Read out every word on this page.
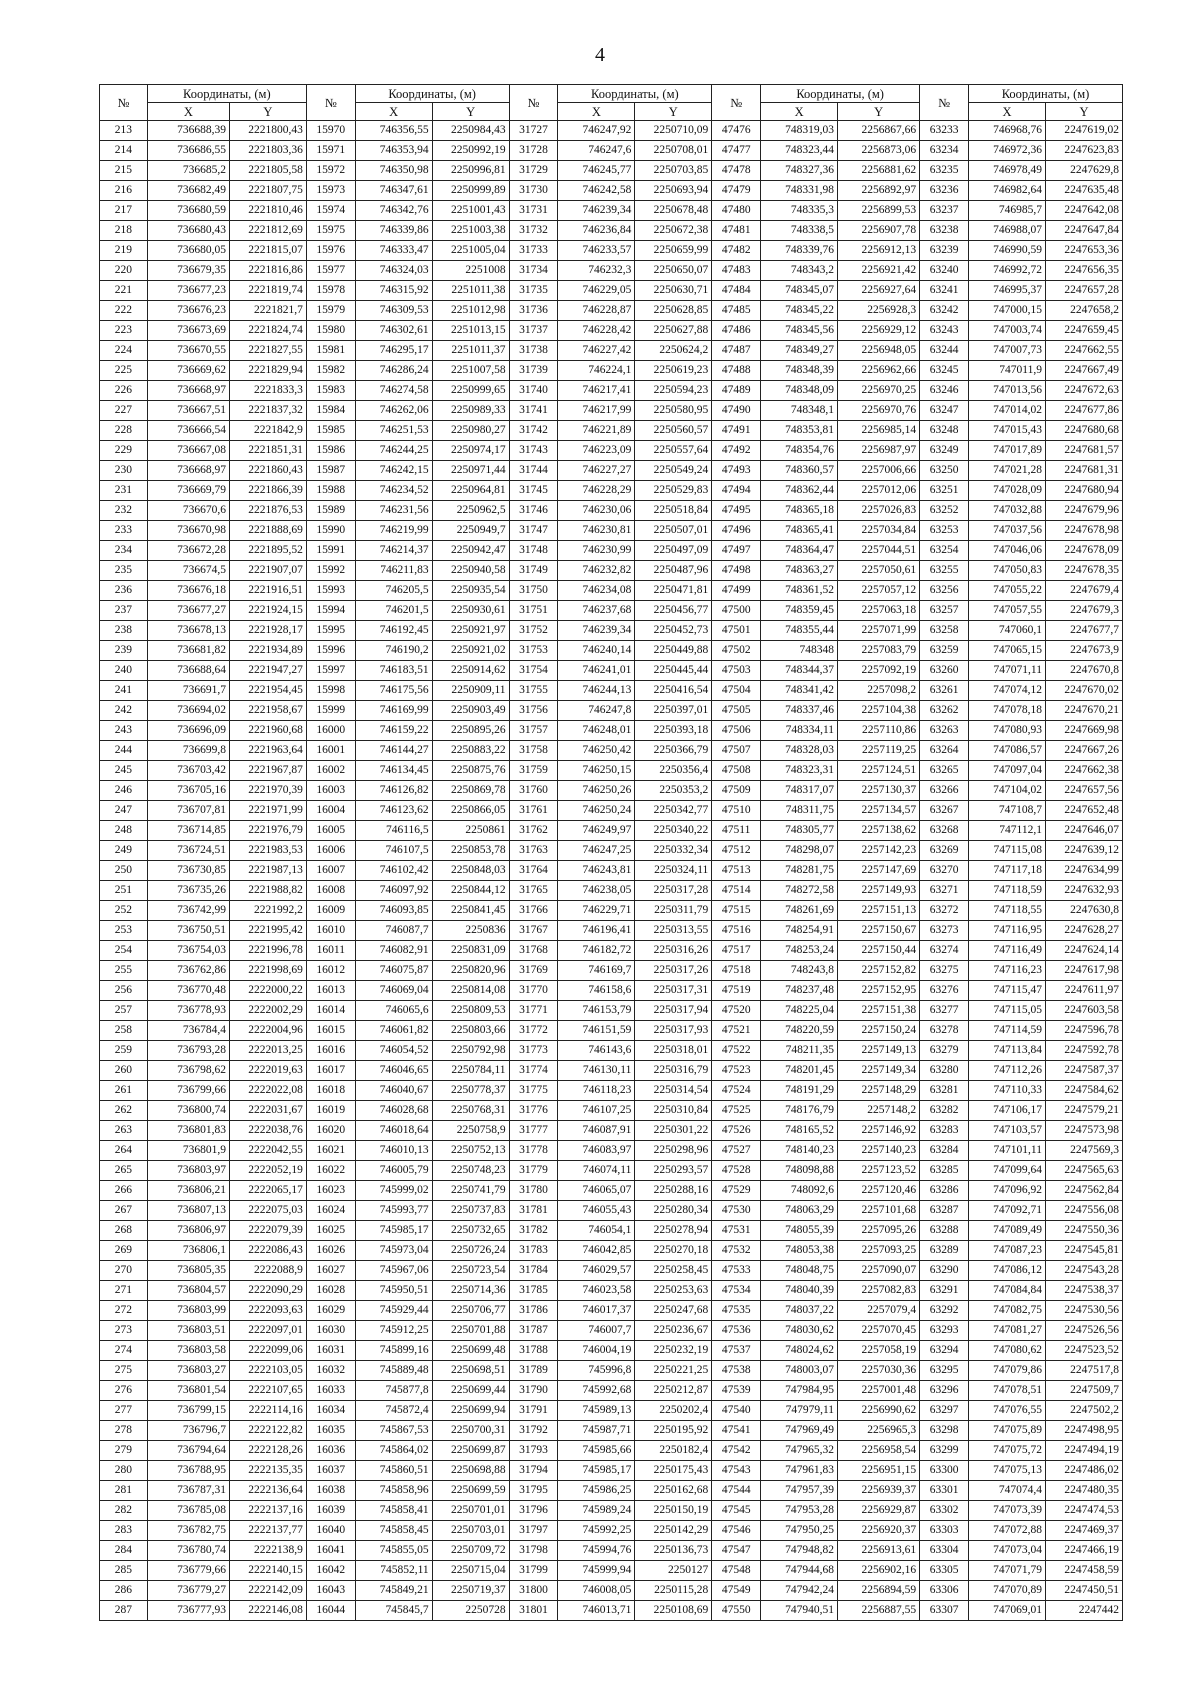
4
№	Координаты, (м)		№	Координаты, (м)		№	Координаты, (м)		№	Координаты, (м)		№	Координаты, (м)	
	X	Y		X	Y		X	Y		X	Y		X	Y
213	736688,39	2221800,43	15970	746356,55	2250984,43	31727	746247,92	2250710,09	47476	748319,03	2256867,66	63233	746968,76	2247619,02
214	736686,55	2221803,36	15971	746353,94	2250992,19	31728	746247,6	2250708,01	47477	748323,44	2256873,06	63234	746972,36	2247623,83
215	736685,2	2221805,58	15972	746350,98	2250996,81	31729	746245,77	2250703,85	47478	748327,36	2256881,62	63235	746978,49	2247629,8
216	736682,49	2221807,75	15973	746347,61	2250999,89	31730	746242,58	2250693,94	47479	748331,98	2256892,97	63236	746982,64	2247635,48
217	736680,59	2221810,46	15974	746342,76	2251001,43	31731	746239,34	2250678,48	47480	748335,3	2256899,53	63237	746985,7	2247642,08
218	736680,43	2221812,69	15975	746339,86	2251003,38	31732	746236,84	2250672,38	47481	748338,5	2256907,78	63238	746988,07	2247647,84
219	736680,05	2221815,07	15976	746333,47	2251005,04	31733	746233,57	2250659,99	47482	748339,76	2256912,13	63239	746990,59	2247653,36
220	736679,35	2221816,86	15977	746324,03	2251008	31734	746232,3	2250650,07	47483	748343,2	2256921,42	63240	746992,72	2247656,35
221	736677,23	2221819,74	15978	746315,92	2251011,38	31735	746229,05	2250630,71	47484	748345,07	2256927,64	63241	746995,37	2247657,28
222	736676,23	2221821,7	15979	746309,53	2251012,98	31736	746228,87	2250628,85	47485	748345,22	2256928,3	63242	747000,15	2247658,2
223	736673,69	2221824,74	15980	746302,61	2251013,15	31737	746228,42	2250627,88	47486	748345,56	2256929,12	63243	747003,74	2247659,45
224	736670,55	2221827,55	15981	746295,17	2251011,37	31738	746227,42	2250624,2	47487	748349,27	2256948,05	63244	747007,73	2247662,55
225	736669,62	2221829,94	15982	746286,24	2251007,58	31739	746224,1	2250619,23	47488	748348,39	2256962,66	63245	747011,9	2247667,49
226	736668,97	2221833,3	15983	746274,58	2250999,65	31740	746217,41	2250594,23	47489	748348,09	2256970,25	63246	747013,56	2247672,63
227	736667,51	2221837,32	15984	746262,06	2250989,33	31741	746217,99	2250580,95	47490	748348,1	2256970,76	63247	747014,02	2247677,86
228	736666,54	2221842,9	15985	746251,53	2250980,27	31742	746221,89	2250560,57	47491	748353,81	2256985,14	63248	747015,43	2247680,68
229	736667,08	2221851,31	15986	746244,25	2250974,17	31743	746223,09	2250557,64	47492	748354,76	2256987,97	63249	747017,89	2247681,57
230	736668,97	2221860,43	15987	746242,15	2250971,44	31744	746227,27	2250549,24	47493	748360,57	2257006,66	63250	747021,28	2247681,31
231	736669,79	2221866,39	15988	746234,52	2250964,81	31745	746228,29	2250529,83	47494	748362,44	2257012,06	63251	747028,09	2247680,94
232	736670,6	2221876,53	15989	746231,56	2250962,5	31746	746230,06	2250518,84	47495	748365,18	2257026,83	63252	747032,88	2247679,96
233	736670,98	2221888,69	15990	746219,99	2250949,7	31747	746230,81	2250507,01	47496	748365,41	2257034,84	63253	747037,56	2247678,98
234	736672,28	2221895,52	15991	746214,37	2250942,47	31748	746230,99	2250497,09	47497	748364,47	2257044,51	63254	747046,06	2247678,09
235	736674,5	2221907,07	15992	746211,83	2250940,58	31749	746232,82	2250487,96	47498	748363,27	2257050,61	63255	747050,83	2247678,35
236	736676,18	2221916,51	15993	746205,5	2250935,54	31750	746234,08	2250471,81	47499	748361,52	2257057,12	63256	747055,22	2247679,4
237	736677,27	2221924,15	15994	746201,5	2250930,61	31751	746237,68	2250456,77	47500	748359,45	2257063,18	63257	747057,55	2247679,3
238	736678,13	2221928,17	15995	746192,45	2250921,97	31752	746239,34	2250452,73	47501	748355,44	2257071,99	63258	747060,1	2247677,7
239	736681,82	2221934,89	15996	746190,2	2250921,02	31753	746240,14	2250449,88	47502	748348	2257083,79	63259	747065,15	2247673,9
240	736688,64	2221947,27	15997	746183,51	2250914,62	31754	746241,01	2250445,44	47503	748344,37	2257092,19	63260	747071,11	2247670,8
241	736691,7	2221954,45	15998	746175,56	2250909,11	31755	746244,13	2250416,54	47504	748341,42	2257098,2	63261	747074,12	2247670,02
242	736694,02	2221958,67	15999	746169,99	2250903,49	31756	746247,8	2250397,01	47505	748337,46	2257104,38	63262	747078,18	2247670,21
243	736696,09	2221960,68	16000	746159,22	2250895,26	31757	746248,01	2250393,18	47506	748334,11	2257110,86	63263	747080,93	2247669,98
244	736699,8	2221963,64	16001	746144,27	2250883,22	31758	746250,42	2250366,79	47507	748328,03	2257119,25	63264	747086,57	2247667,26
245	736703,42	2221967,87	16002	746134,45	2250875,76	31759	746250,15	2250356,4	47508	748323,31	2257124,51	63265	747097,04	2247662,38
246	736705,16	2221970,39	16003	746126,82	2250869,78	31760	746250,26	2250353,2	47509	748317,07	2257130,37	63266	747104,02	2247657,56
247	736707,81	2221971,99	16004	746123,62	2250866,05	31761	746250,24	2250342,77	47510	748311,75	2257134,57	63267	747108,7	2247652,48
248	736714,85	2221976,79	16005	746116,5	2250861	31762	746249,97	2250340,22	47511	748305,77	2257138,62	63268	747112,1	2247646,07
249	736724,51	2221983,53	16006	746107,5	2250853,78	31763	746247,25	2250332,34	47512	748298,07	2257142,23	63269	747115,08	2247639,12
250	736730,85	2221987,13	16007	746102,42	2250848,03	31764	746243,81	2250324,11	47513	748281,75	2257147,69	63270	747117,18	2247634,99
251	736735,26	2221988,82	16008	746097,92	2250844,12	31765	746238,05	2250317,28	47514	748272,58	2257149,93	63271	747118,59	2247632,93
252	736742,99	2221992,2	16009	746093,85	2250841,45	31766	746229,71	2250311,79	47515	748261,69	2257151,13	63272	747118,55	2247630,8
253	736750,51	2221995,42	16010	746087,7	2250836	31767	746196,41	2250313,55	47516	748254,91	2257150,67	63273	747116,95	2247628,27
254	736754,03	2221996,78	16011	746082,91	2250831,09	31768	746182,72	2250316,26	47517	748253,24	2257150,44	63274	747116,49	2247624,14
255	736762,86	2221998,69	16012	746075,87	2250820,96	31769	746169,7	2250317,26	47518	748243,8	2257152,82	63275	747116,23	2247617,98
256	736770,48	2222000,22	16013	746069,04	2250814,08	31770	746158,6	2250317,31	47519	748237,48	2257152,95	63276	747115,47	2247611,97
257	736778,93	2222002,29	16014	746065,6	2250809,53	31771	746153,79	2250317,94	47520	748225,04	2257151,38	63277	747115,05	2247603,58
258	736784,4	2222004,96	16015	746061,82	2250803,66	31772	746151,59	2250317,93	47521	748220,59	2257150,24	63278	747114,59	2247596,78
259	736793,28	2222013,25	16016	746054,52	2250792,98	31773	746143,6	2250318,01	47522	748211,35	2257149,13	63279	747113,84	2247592,78
260	736798,62	2222019,63	16017	746046,65	2250784,11	31774	746130,11	2250316,79	47523	748201,45	2257149,34	63280	747112,26	2247587,37
261	736799,66	2222022,08	16018	746040,67	2250778,37	31775	746118,23	2250314,54	47524	748191,29	2257148,29	63281	747110,33	2247584,62
262	736800,74	2222031,67	16019	746028,68	2250768,31	31776	746107,25	2250310,84	47525	748176,79	2257148,2	63282	747106,17	2247579,21
263	736801,83	2222038,76	16020	746018,64	2250758,9	31777	746087,91	2250301,22	47526	748165,52	2257146,92	63283	747103,57	2247573,98
264	736801,9	2222042,55	16021	746010,13	2250752,13	31778	746083,97	2250298,96	47527	748140,23	2257140,23	63284	747101,11	2247569,3
265	736803,97	2222052,19	16022	746005,79	2250748,23	31779	746074,11	2250293,57	47528	748098,88	2257123,52	63285	747099,64	2247565,63
266	736806,21	2222065,17	16023	745999,02	2250741,79	31780	746065,07	2250288,16	47529	748092,6	2257120,46	63286	747096,92	2247562,84
267	736807,13	2222075,03	16024	745993,77	2250737,83	31781	746055,43	2250280,34	47530	748063,29	2257101,68	63287	747092,71	2247556,08
268	736806,97	2222079,39	16025	745985,17	2250732,65	31782	746054,1	2250278,94	47531	748055,39	2257095,26	63288	747089,49	2247550,36
269	736806,1	2222086,43	16026	745973,04	2250726,24	31783	746042,85	2250270,18	47532	748053,38	2257093,25	63289	747087,23	2247545,81
270	736805,35	2222088,9	16027	745967,06	2250723,54	31784	746029,57	2250258,45	47533	748048,75	2257090,07	63290	747086,12	2247543,28
271	736804,57	2222090,29	16028	745950,51	2250714,36	31785	746023,58	2250253,63	47534	748040,39	2257082,83	63291	747084,84	2247538,37
272	736803,99	2222093,63	16029	745929,44	2250706,77	31786	746017,37	2250247,68	47535	748037,22	2257079,4	63292	747082,75	2247530,56
273	736803,51	2222097,01	16030	745912,25	2250701,88	31787	746007,7	2250236,67	47536	748030,62	2257070,45	63293	747081,27	2247526,56
274	736803,58	2222099,06	16031	745899,16	2250699,48	31788	746004,19	2250232,19	47537	748024,62	2257058,19	63294	747080,62	2247523,52
275	736803,27	2222103,05	16032	745889,48	2250698,51	31789	745996,8	2250221,25	47538	748003,07	2257030,36	63295	747079,86	2247517,8
276	736801,54	2222107,65	16033	745877,8	2250699,44	31790	745992,68	2250212,87	47539	747984,95	2257001,48	63296	747078,51	2247509,7
277	736799,15	2222114,16	16034	745872,4	2250699,94	31791	745989,13	2250202,4	47540	747979,11	2256990,62	63297	747076,55	2247502,2
278	736796,7	2222122,82	16035	745867,53	2250700,31	31792	745987,71	2250195,92	47541	747969,49	2256965,3	63298	747075,89	2247498,95
279	736794,64	2222128,26	16036	745864,02	2250699,87	31793	745985,66	2250182,4	47542	747965,32	2256958,54	63299	747075,72	2247494,19
280	736788,95	2222135,35	16037	745860,51	2250698,88	31794	745985,17	2250175,43	47543	747961,83	2256951,15	63300	747075,13	2247486,02
281	736787,31	2222136,64	16038	745858,96	2250699,59	31795	745986,25	2250162,68	47544	747957,39	2256939,37	63301	747074,4	2247480,35
282	736785,08	2222137,16	16039	745858,41	2250701,01	31796	745989,24	2250150,19	47545	747953,28	2256929,87	63302	747073,39	2247474,53
283	736782,75	2222137,77	16040	745858,45	2250703,01	31797	745992,25	2250142,29	47546	747950,25	2256920,37	63303	747072,88	2247469,37
284	736780,74	2222138,9	16041	745855,05	2250709,72	31798	745994,76	2250136,73	47547	747948,82	2256913,61	63304	747073,04	2247466,19
285	736779,66	2222140,15	16042	745852,11	2250715,04	31799	745999,94	2250127	47548	747944,68	2256902,16	63305	747071,79	2247458,59
286	736779,27	2222142,09	16043	745849,21	2250719,37	31800	746008,05	2250115,28	47549	747942,24	2256894,59	63306	747070,89	2247450,51
287	736777,93	2222146,08	16044	745845,7	2250728	31801	746013,71	2250108,69	47550	747940,51	2256887,55	63307	747069,01	2247442
